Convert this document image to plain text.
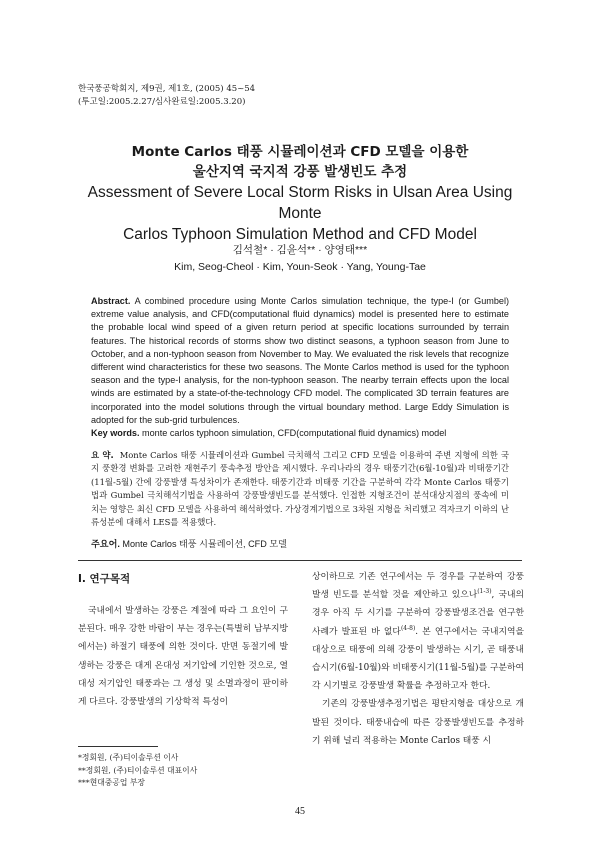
한국풍공학회지, 제9권, 제1호, (2005) 45~54
(투고일:2005.2.27/심사완료일:2005.3.20)
Monte Carlos 태풍 시뮬레이션과 CFD 모델을 이용한
울산지역 국지적 강풍 발생빈도 추정
Assessment of Severe Local Storm Risks in Ulsan Area Using Monte
Carlos Typhoon Simulation Method and CFD Model
김석철* · 김윤석** · 양영태***
Kim, Seog-Cheol · Kim, Youn-Seok · Yang, Young-Tae
Abstract. A combined procedure using Monte Carlos simulation technique, the type-I (or Gumbel) extreme value analysis, and CFD(computational fluid dynamics) model is presented here to estimate the probable local wind speed of a given return period at specific locations surrounded by terrain features. The historical records of storms show two distinct seasons, a typhoon season from June to October, and a non-typhoon season from November to May. We evaluated the risk levels that recognize different wind characteristics for these two seasons. The Monte Carlos method is used for the typhoon season and the type-I analysis, for the non-typhoon season. The nearby terrain effects upon the local winds are estimated by a state-of-the-technology CFD model. The complicated 3D terrain features are incorporated into the model solutions through the virtual boundary method. Large Eddy Simulation is adopted for the sub-grid turbulences.
Key words. monte carlos typhoon simulation, CFD(computational fluid dynamics) model
요 약. Monte Carlos 태풍 시뮬레이션과 Gumbel 극치해석 그리고 CFD 모델을 이용하여 주변 지형에 의한 국지 풍환경 변화를 고려한 재현주기 풍속추정 방안을 제시했다. 우리나라의 경우 태풍기간(6월-10월)과 비태풍기간(11월-5월) 간에 강풍발생 특성차이가 존재한다. 태풍기간과 비태풍 기간을 구분하여 각각 Monte Carlos 태풍기법과 Gumbel 극치해석기법을 사용하여 강풍발생빈도를 분석했다. 인접한 지형조건이 분석대상지점의 풍속에 미치는 영향은 최신 CFD 모델을 사용하여 해석하였다. 가상경계기법으로 3차원 지형을 처리했고 격자크기 이하의 난류성분에 대해서 LES를 적용했다.
주요어. Monte Carlos 태풍 시뮬레이션, CFD 모델
I. 연구목적

국내에서 발생하는 강풍은 계절에 따라 그 요인이 구분된다. 매우 강한 바람이 부는 경우는(특별히 남부지방에서는) 하절기 태풍에 의한 것이다. 반면 동절기에 발생하는 강풍은 대게 온대성 저기압에 기인한 것으로, 열대성 저기압인 태풍과는 그 생성 및 소멸과정이 판이하게 다르다. 강풍발생의 기상학적 특성이

상이하므로 기존 연구에서는 두 경우를 구분하여 강풍발생 빈도를 분석할 것을 제안하고 있으나$^{(1-3)}$, 국내의 경우 아직 두 시기를 구분하여 강풍발생조건을 연구한 사례가 발표된 바 없다$^{(4-8)}$. 본 연구에서는 국내지역을 대상으로 태풍에 의해 강풍이 발생하는 시기, 곧 태풍내습시기(6월-10월)와 비태풍시기(11월-5월)를 구분하여 각 시기별로 강풍발생 확률을 추정하고자 한다.

기존의 강풍발생추정기법은 평탄지형을 대상으로 개발된 것이다. 태풍내습에 따른 강풍발생빈도를 추정하기 위해 널리 적용하는 Monte Carlos 태풍 시

*정회원, (주)티이솔루션 이사
**정회원, (주)티이솔루션 대표이사
***현대중공업 부장
45
